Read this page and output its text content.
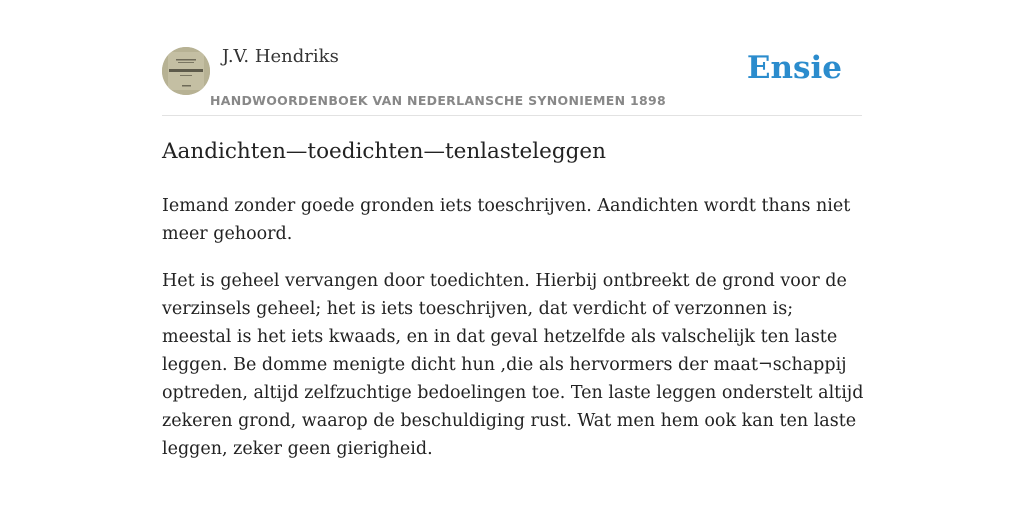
J.V. Hendriks
HANDWOORDENBOEK VAN NEDERLANSCHE SYNONIEMEN 1898
Ensie
Aandichten—toedichten—tenlasteleggen

Iemand zonder goede gronden iets toeschrijven. Aandichten wordt thans niet meer gehoord.

Het is geheel vervangen door toedichten. Hierbij ontbreekt de grond voor de verzinsels geheel; het is iets toeschrijven, dat verdicht of verzonnen is; meestal is het iets kwaads, en in dat geval hetzelfde als valschelijk ten laste leggen. Be domme menigte dicht hun ,die als hervormers der maat¬schappij optreden, altijd zelfzuchtige bedoelingen toe. Ten laste leggen onderstelt altijd zekeren grond, waarop de beschuldiging rust. Wat men hem ook kan ten laste leggen, zeker geen gierigheid.
